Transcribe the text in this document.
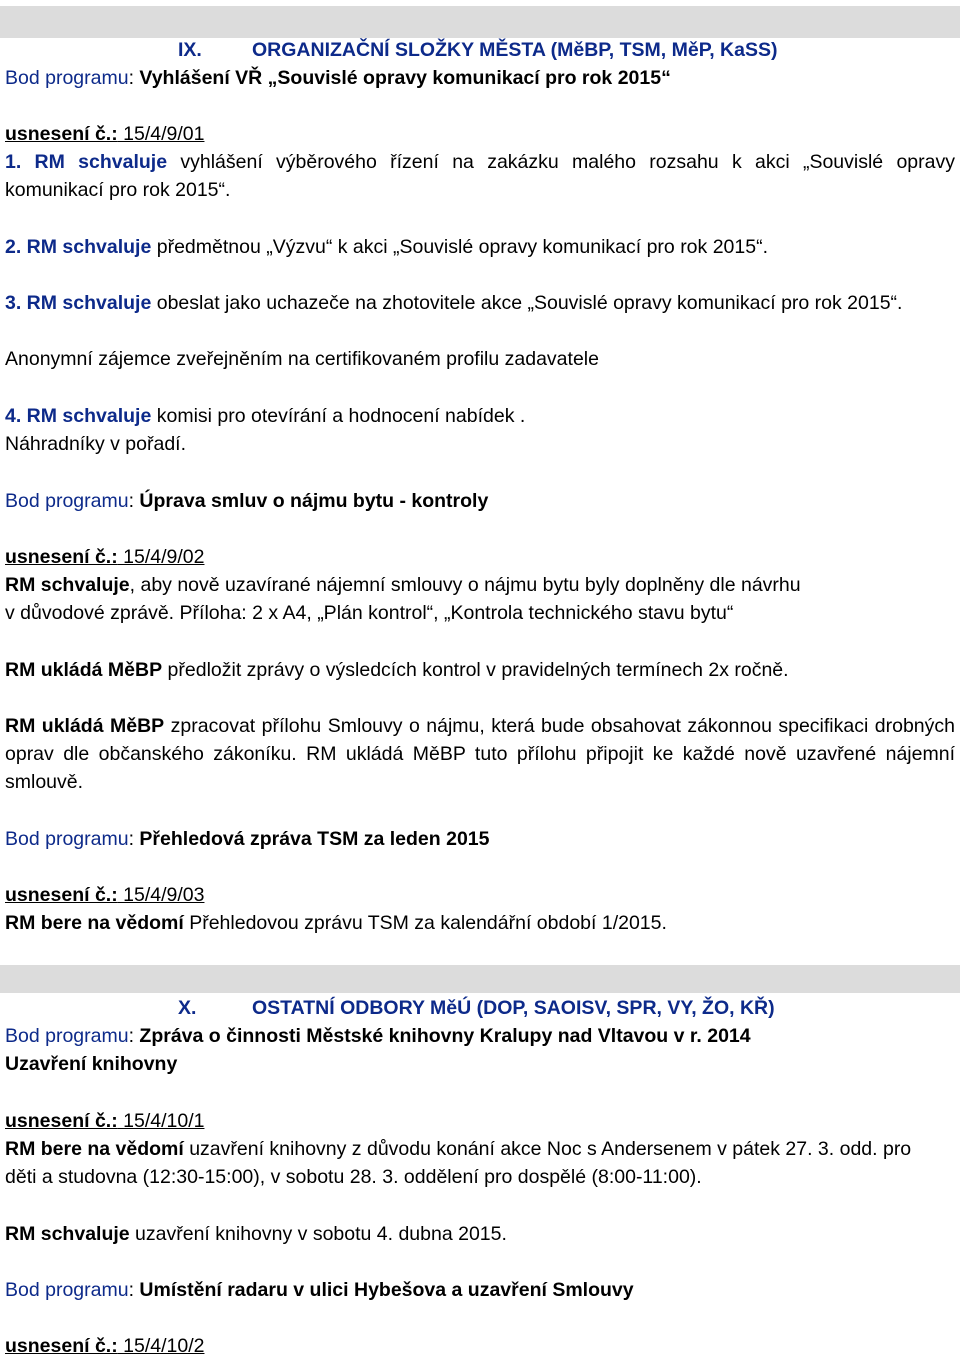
IX.	ORGANIZAČNÍ SLOŽKY MĚSTA (MěBP, TSM, MěP, KaSS)
Bod programu: Vyhlášení VŘ „Souvislé opravy komunikací pro rok 2015“
usnesení č.: 15/4/9/01
1. RM schvaluje vyhlášení výběrového řízení na zakázku malého rozsahu k akci „Souvislé opravy komunikací pro rok 2015“.
2. RM schvaluje předmětnou „Výzvu“ k akci „Souvislé opravy komunikací pro rok 2015“.
3. RM schvaluje obeslat jako uchazeče na zhotovitele akce „Souvislé opravy komunikací pro rok 2015“.
Anonymní zájemce zveřejněním na certifikovaném profilu zadavatele
4. RM schvaluje komisi pro otevírání a hodnocení nabídek .
Náhradníky v pořadí.
Bod programu: Úprava smluv o nájmu bytu - kontroly
usnesení č.: 15/4/9/02
RM schvaluje, aby nově uzavírané nájemní smlouvy o nájmu bytu byly doplněny dle návrhu
v důvodové zprávě. Příloha: 2 x A4, „Plán kontrol“, „Kontrola technického stavu bytu“
RM ukládá MěBP předložit zprávy o výsledcích kontrol v pravidelných termínech 2x ročně.
RM ukládá MěBP zpracovat přílohu Smlouvy o nájmu, která bude obsahovat zákonnou specifikaci drobných oprav dle občanského zákoníku. RM ukládá MěBP tuto přílohu připojit ke každé nově uzavřené nájemní smlouvě.
Bod programu: Přehledová zpráva TSM za leden 2015
usnesení č.: 15/4/9/03
RM bere na vědomí Přehledovou zprávu TSM za kalendářní období 1/2015.
X.	OSTATNÍ ODBORY MěÚ (DOP, SAOISV, SPR, VY, ŽO, KŘ)
Bod programu: Zpráva o činnosti Městské knihovny Kralupy nad Vltavou v r. 2014
Uzavření knihovny
usnesení č.: 15/4/10/1
RM bere na vědomí uzavření knihovny z důvodu konání akce Noc s Andersenem v pátek 27. 3. odd. pro děti a studovna (12:30-15:00), v sobotu 28. 3. oddělení pro dospělé (8:00-11:00).
RM schvaluje uzavření knihovny v sobotu 4. dubna 2015.
Bod programu: Umístění radaru v ulici Hybešova a uzavření Smlouvy
usnesení č.: 15/4/10/2
